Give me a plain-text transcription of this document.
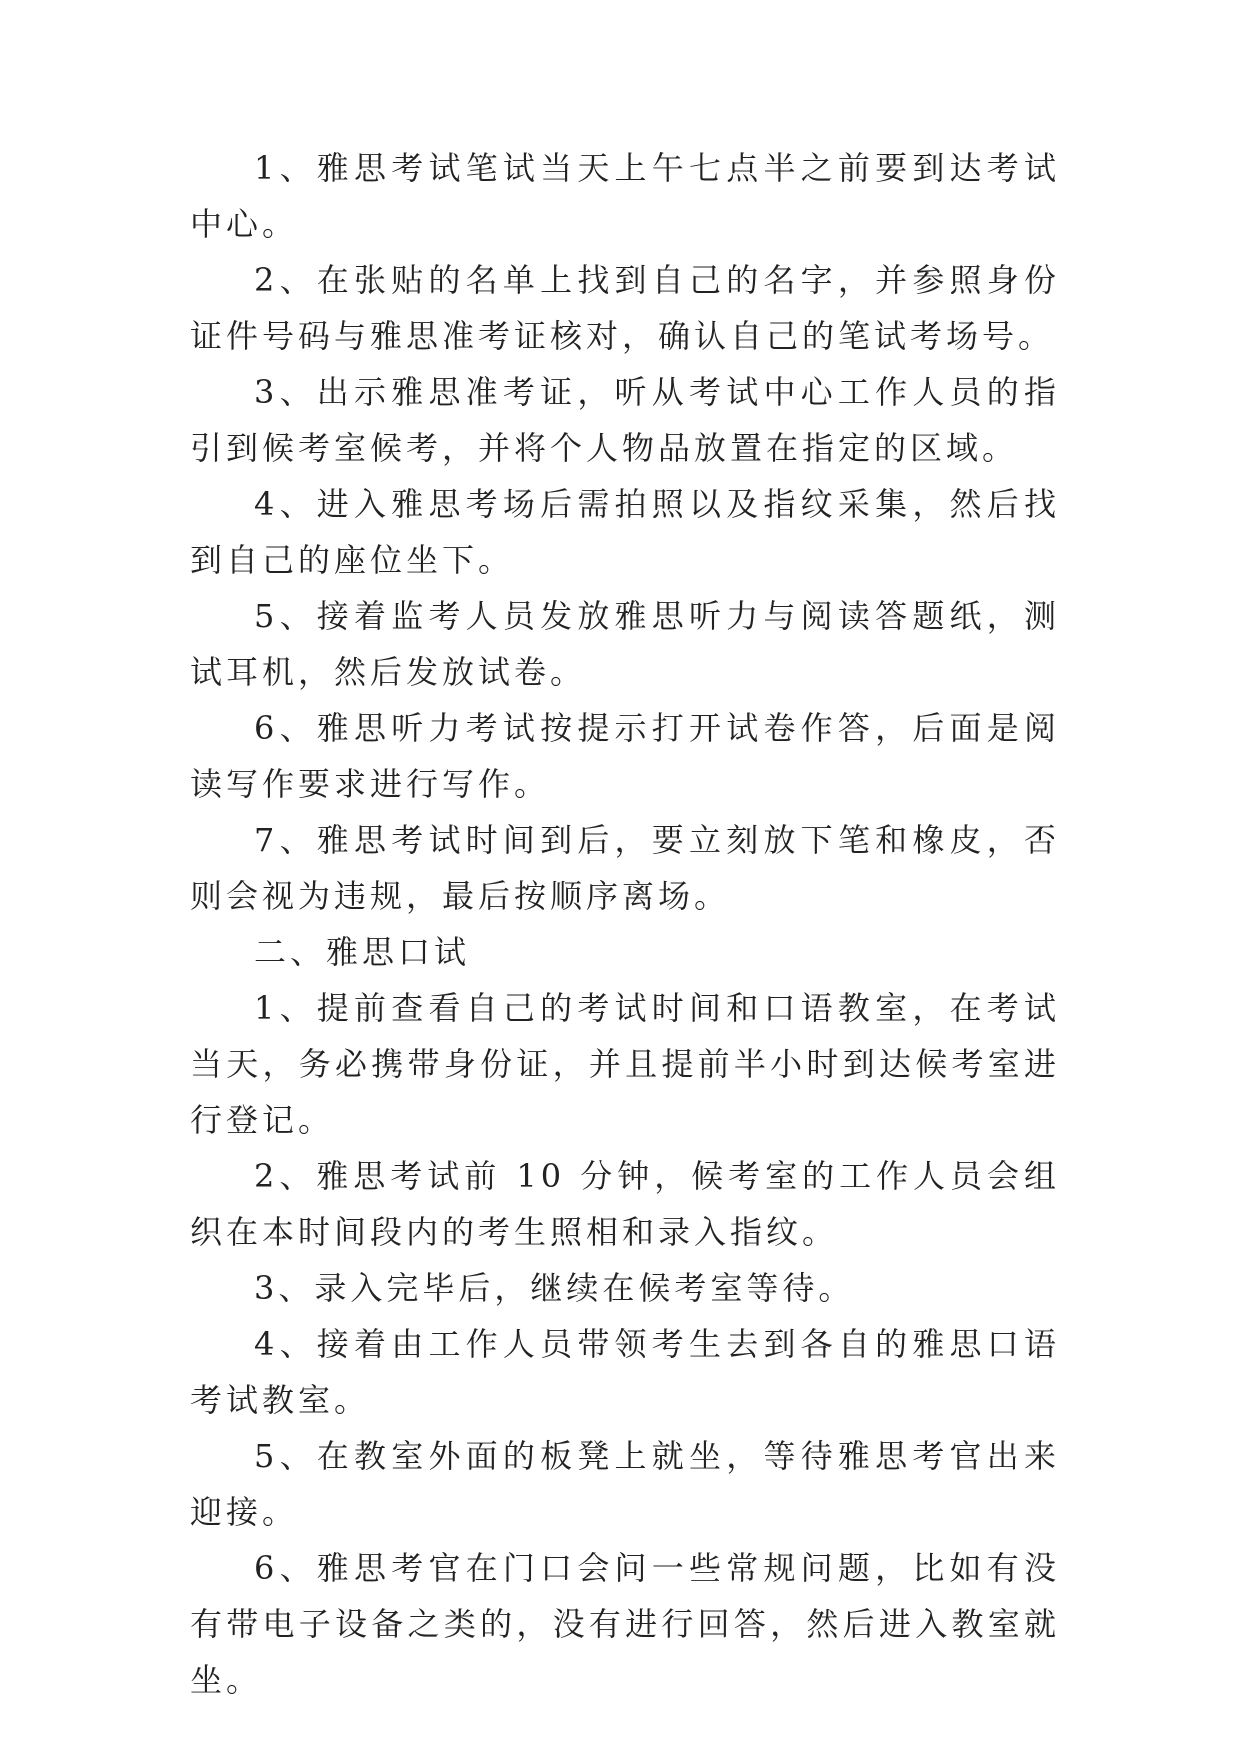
1、雅思考试笔试当天上午七点半之前要到达考试中心。

2、在张贴的名单上找到自己的名字，并参照身份证件号码与雅思准考证核对，确认自己的笔试考场号。

3、出示雅思准考证，听从考试中心工作人员的指引到候考室候考，并将个人物品放置在指定的区域。

4、进入雅思考场后需拍照以及指纹采集，然后找到自己的座位坐下。

5、接着监考人员发放雅思听力与阅读答题纸，测试耳机，然后发放试卷。

6、雅思听力考试按提示打开试卷作答，后面是阅读写作要求进行写作。

7、雅思考试时间到后，要立刻放下笔和橡皮，否则会视为违规，最后按顺序离场。

二、雅思口试

1、提前查看自己的考试时间和口语教室，在考试当天，务必携带身份证，并且提前半小时到达候考室进行登记。

2、雅思考试前 10 分钟，候考室的工作人员会组织在本时间段内的考生照相和录入指纹。

3、录入完毕后，继续在候考室等待。

4、接着由工作人员带领考生去到各自的雅思口语考试教室。

5、在教室外面的板凳上就坐，等待雅思考官出来迎接。

6、雅思考官在门口会问一些常规问题，比如有没有带电子设备之类的，没有进行回答，然后进入教室就坐。
